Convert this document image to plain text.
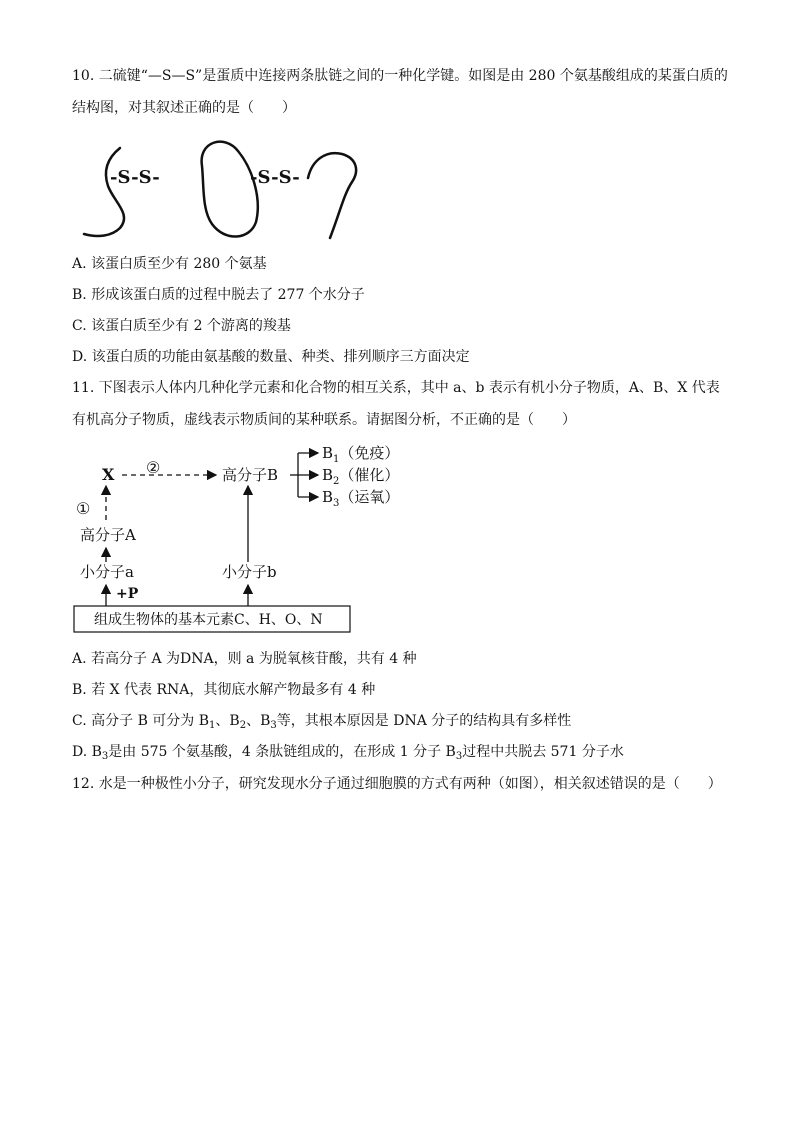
10. 二硫键“—S—S”是蛋质中连接两条肽链之间的一种化学键。如图是由 280 个氨基酸组成的某蛋白质的
结构图，对其叙述正确的是（　　）
-S-S-	-S-S-
A. 该蛋白质至少有 280 个氨基
B. 形成该蛋白质的过程中脱去了 277 个水分子
C. 该蛋白质至少有 2 个游离的羧基
D. 该蛋白质的功能由氨基酸的数量、种类、排列顺序三方面决定
11. 下图表示人体内几种化学元素和化合物的相互关系，其中 a、b 表示有机小分子物质，A、B、X 代表
有机高分子物质，虚线表示物质间的某种联系。请据图分析，不正确的是（　　）
X ②	高分子B
$B_1$（免疫）
$B_2$（催化）
$B_3$（运氧）
①
高分子A
小分子a
+P
小分子b
组成生物体的基本元素C、H、O、N
A. 若高分子 A 为DNA，则 a 为脱氧核苷酸，共有 4 种
B. 若 X 代表 RNA，其彻底水解产物最多有 4 种
C. 高分子 B 可分为 $B_1$、$B_2$、$B_3$等，其根本原因是 DNA 分子的结构具有多样性
D. $B_3$是由 575 个氨基酸，4 条肽链组成的，在形成 1 分子 $B_3$过程中共脱去 571 分子水
12. 水是一种极性小分子，研究发现水分子通过细胞膜的方式有两种（如图），相关叙述错误的是（　　）
